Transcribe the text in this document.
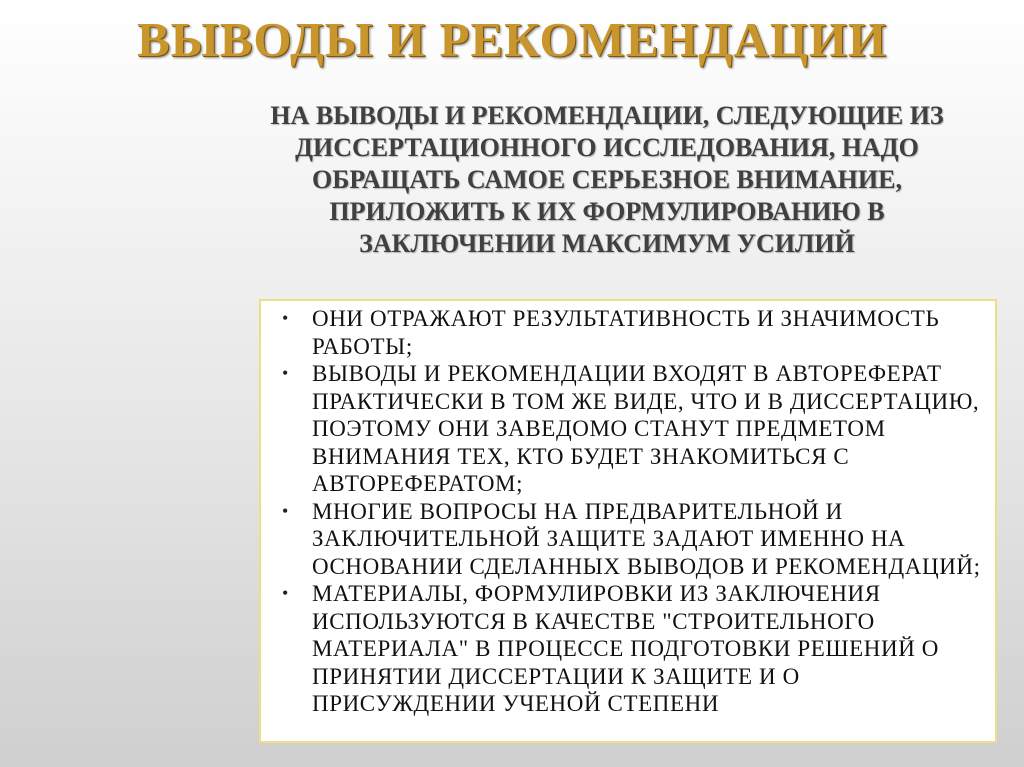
ВЫВОДЫ И РЕКОМЕНДАЦИИ

НА ВЫВОДЫ И РЕКОМЕНДАЦИИ, СЛЕДУЮЩИЕ ИЗ ДИССЕРТАЦИОННОГО ИССЛЕДОВАНИЯ, НАДО ОБРАЩАТЬ САМОЕ СЕРЬЕЗНОЕ ВНИМАНИЕ, ПРИЛОЖИТЬ К ИХ ФОРМУЛИРОВАНИЮ В ЗАКЛЮЧЕНИИ МАКСИМУМ УСИЛИЙ

• ОНИ ОТРАЖАЮТ РЕЗУЛЬТАТИВНОСТЬ И ЗНАЧИМОСТЬ РАБОТЫ;
• ВЫВОДЫ И РЕКОМЕНДАЦИИ ВХОДЯТ В АВТОРЕФЕРАТ ПРАКТИЧЕСКИ В ТОМ ЖЕ ВИДЕ, ЧТО И В ДИССЕРТАЦИЮ, ПОЭТОМУ ОНИ ЗАВЕДОМО СТАНУТ ПРЕДМЕТОМ ВНИМАНИЯ ТЕХ, КТО БУДЕТ ЗНАКОМИТЬСЯ С АВТОРЕФЕРАТОМ;
• МНОГИЕ ВОПРОСЫ НА ПРЕДВАРИТЕЛЬНОЙ И ЗАКЛЮЧИТЕЛЬНОЙ ЗАЩИТЕ ЗАДАЮТ ИМЕННО НА ОСНОВАНИИ СДЕЛАННЫХ ВЫВОДОВ И РЕКОМЕНДАЦИЙ;
• МАТЕРИАЛЫ, ФОРМУЛИРОВКИ ИЗ ЗАКЛЮЧЕНИЯ ИСПОЛЬЗУЮТСЯ В КАЧЕСТВЕ "СТРОИТЕЛЬНОГО МАТЕРИАЛА" В ПРОЦЕССЕ ПОДГОТОВКИ РЕШЕНИЙ О ПРИНЯТИИ ДИССЕРТАЦИИ К ЗАЩИТЕ И О ПРИСУЖДЕНИИ УЧЕНОЙ СТЕПЕНИ
